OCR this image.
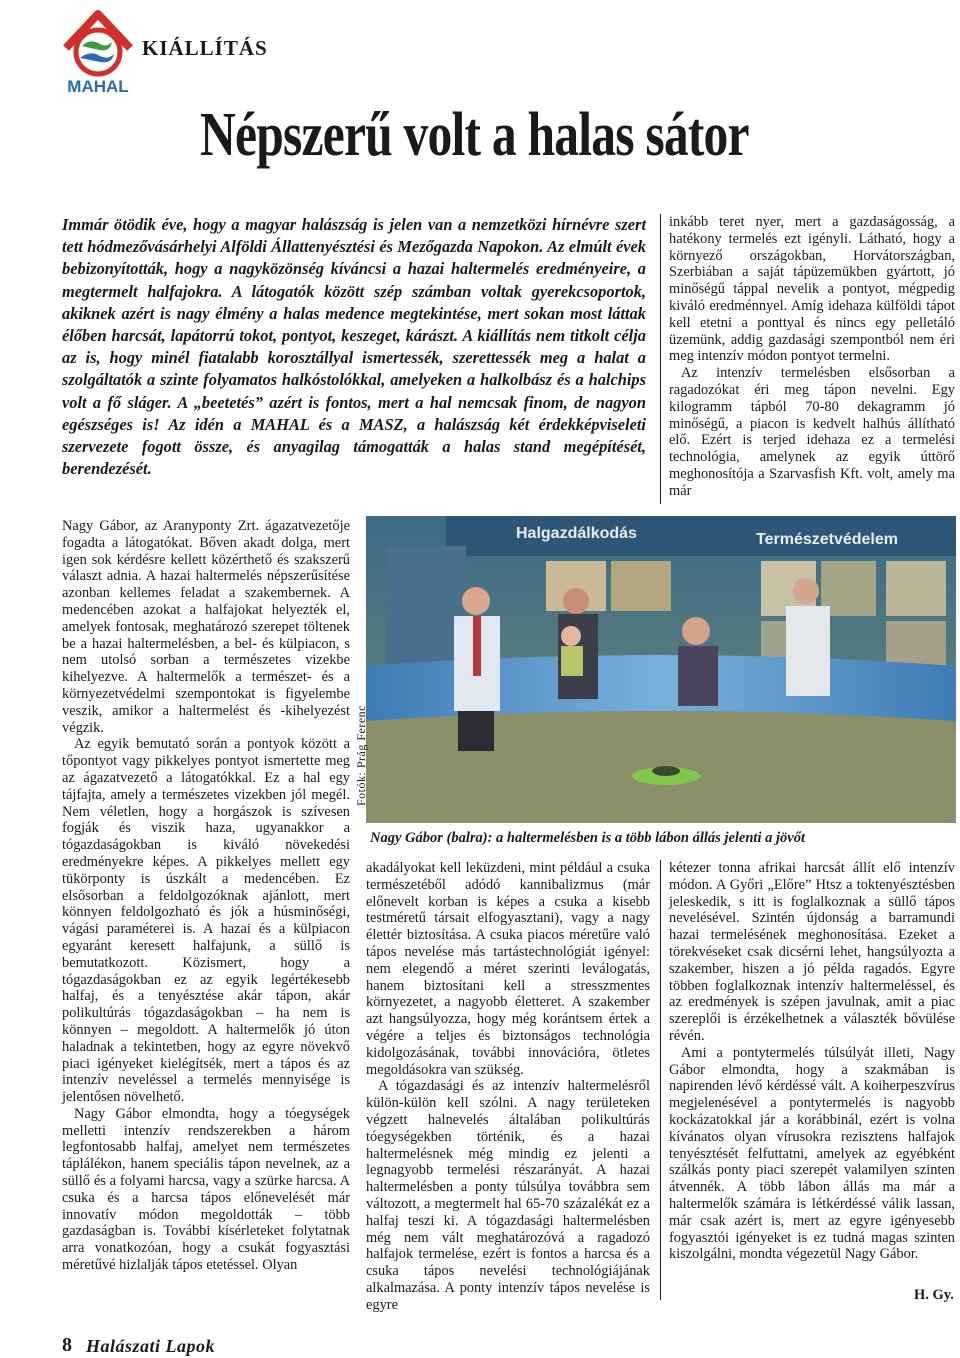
MAHAL
KIÁLLÍTÁS
Népszerű volt a halas sátor

Immár ötödik éve, hogy a magyar halászság is jelen van a nemzetközi hírnévre szert tett hódmezővásárhelyi Alföldi Állattenyésztési és Mezőgazda Napokon. Az elmúlt évek bebizonyították, hogy a nagyközönség kíváncsi a hazai haltermelés eredményeire, a megtermelt halfajokra. A látogatók között szép számban voltak gyerekcsoportok, akiknek azért is nagy élmény a halas medence megtekintése, mert sokan most láttak élőben harcsát, lapátorrú tokot, pontyot, keszeget, kárászt. A kiállítás nem titkolt célja az is, hogy minél fiatalabb korosztállyal ismertessék, szerettessék meg a halat a szolgáltatók a szinte folyamatos halkóstolókkal, amelyeken a halkolbász és a halchips volt a fő sláger. A „beetetés” azért is fontos, mert a hal nemcsak finom, de nagyon egészséges is! Az idén a MAHAL és a MASZ, a halászság két érdekképviseleti szervezete fogott össze, és anyagilag támogatták a halas stand megépítését, berendezését.

inkább teret nyer, mert a gazdaságosság, a hatékony termelés ezt igényli. Látható, hogy a környező országokban, Horvátországban, Szerbiában a saját tápüzemükben gyártott, jó minőségű táppal nevelik a pontyot, mégpedig kiváló eredménnyel. Amíg idehaza külföldi tápot kell etetni a ponttyal és nincs egy pelletáló üzemünk, addig gazdasági szempontból nem éri meg intenzív módon pontyot termelni.

Az intenzív termelésben elsősorban a ragadozókat éri meg tápon nevelni. Egy kilogramm tápból 70-80 dekagramm jó minőségű, a piacon is kedvelt halhús állítható elő. Ezért is terjed idehaza ez a termelési technológia, amelynek az egyik úttörő meghonosítója a Szarvasfish Kft. volt, amely ma már

Nagy Gábor, az Aranyponty Zrt. ágazatvezetője fogadta a látogatókat. Bőven akadt dolga, mert igen sok kérdésre kellett közérthető és szakszerű választ adnia. A hazai haltermelés népszerűsítése azonban kellemes feladat a szakembernek. A medencében azokat a halfajokat helyezték el, amelyek fontosak, meghatározó szerepet töltenek be a hazai haltermelésben, a bel- és külpiacon, s nem utolsó sorban a természetes vizekbe kihelyezve. A haltermelők a természet- és a környezetvédelmi szempontokat is figyelembe veszik, amikor a haltermelést és -kihelyezést végzik.

Az egyik bemutató során a pontyok között a tőpontyot vagy pikkelyes pontyot ismertette meg az ágazatvezető a látogatókkal. Ez a hal egy tájfajta, amely a természetes vizekben jól megél. Nem véletlen, hogy a horgászok is szívesen fogják és viszik haza, ugyanakkor a tógazdaságokban is kiváló növekedési eredményekre képes. A pikkelyes mellett egy tükörponty is úszkált a medencében. Ez elsősorban a feldolgozóknak ajánlott, mert könnyen feldolgozható és jók a húsminőségi, vágási paraméterei is. A hazai és a külpiacon egyaránt keresett halfajunk, a süllő is bemutatkozott. Közismert, hogy a tógazdaságokban ez az egyik legértékesebb halfaj, és a tenyésztése akár tápon, akár polikultúrás tógazdaságokban – ha nem is könnyen – megoldott. A haltermelők jó úton haladnak a tekintetben, hogy az egyre növekvő piaci igényeket kielégítsék, mert a tápos és az intenzív neveléssel a termelés mennyisége is jelentősen növelhető.

Nagy Gábor elmondta, hogy a tóegységek melletti intenzív rendszerekben a három legfontosabb halfaj, amelyet nem természetes táplálékon, hanem speciális tápon nevelnek, az a süllő és a folyami harcsa, vagy a szürke harcsa. A csuka és a harcsa tápos előnevelését már innovatív módon megoldották – több gazdaságban is. További kísérleteket folytatnak arra vonatkozóan, hogy a csukát fogyasztási méretűvé hizlalják tápos etetéssel. Olyan

Halgazdálkodás	Természetvédelem
Fotók: Prág Ferenc
Nagy Gábor (balra): a haltermelésben is a több lábon állás jelenti a jövőt

akadályokat kell leküzdeni, mint például a csuka természetéből adódó kannibalizmus (már előnevelt korban is képes a csuka a kisebb testméretű társait elfogyasztani), vagy a nagy élettér biztosítása. A csuka piacos méretűre való tápos nevelése más tartástechnológiát igényel: nem elegendő a méret szerinti leválogatás, hanem biztosítani kell a stresszmentes környezetet, a nagyobb életteret. A szakember azt hangsúlyozza, hogy még korántsem értek a végére a teljes és biztonságos technológia kidolgozásának, további innovációra, ötletes megoldásokra van szükség.

A tógazdasági és az intenzív haltermelésről külön-külön kell szólni. A nagy területeken végzett halnevelés általában polikultúrás tóegységekben történik, és a hazai haltermelésnek még mindig ez jelenti a legnagyobb termelési részarányát. A hazai haltermelésben a ponty túlsúlya továbbra sem változott, a megtermelt hal 65-70 százalékát ez a halfaj teszi ki. A tógazdasági haltermelésben még nem vált meghatározóvá a ragadozó halfajok termelése, ezért is fontos a harcsa és a csuka tápos nevelési technológiájának alkalmazása. A ponty intenzív tápos nevelése is egyre

kétezer tonna afrikai harcsát állít elő intenzív módon. A Győri „Előre” Htsz a toktenyésztésben jeleskedik, s itt is foglalkoznak a süllő tápos nevelésével. Szintén újdonság a barramundi hazai termelésének meghonosítása. Ezeket a törekvéseket csak dicsérni lehet, hangsúlyozta a szakember, hiszen a jó példa ragadós. Egyre többen foglalkoznak intenzív haltermeléssel, és az eredmények is szépen javulnak, amit a piac szereplői is érzékelhetnek a választék bővülése révén.

Ami a pontytermelés túlsúlyát illeti, Nagy Gábor elmondta, hogy a szakmában is napirenden lévő kérdéssé vált. A koiherpeszvírus megjelenésével a pontytermelés is nagyobb kockázatokkal jár a korábbinál, ezért is volna kívánatos olyan vírusokra rezisztens halfajok tenyésztését felfuttatni, amelyek az egyébként szálkás ponty piaci szerepét valamilyen szinten átvennék. A több lábon állás ma már a haltermelők számára is létkérdéssé válik lassan, már csak azért is, mert az egyre igényesebb fogyasztói igényeket is ez tudná magas szinten kiszolgálni, mondta végezetül Nagy Gábor.

H. Gy.
8 Halászati Lapok
